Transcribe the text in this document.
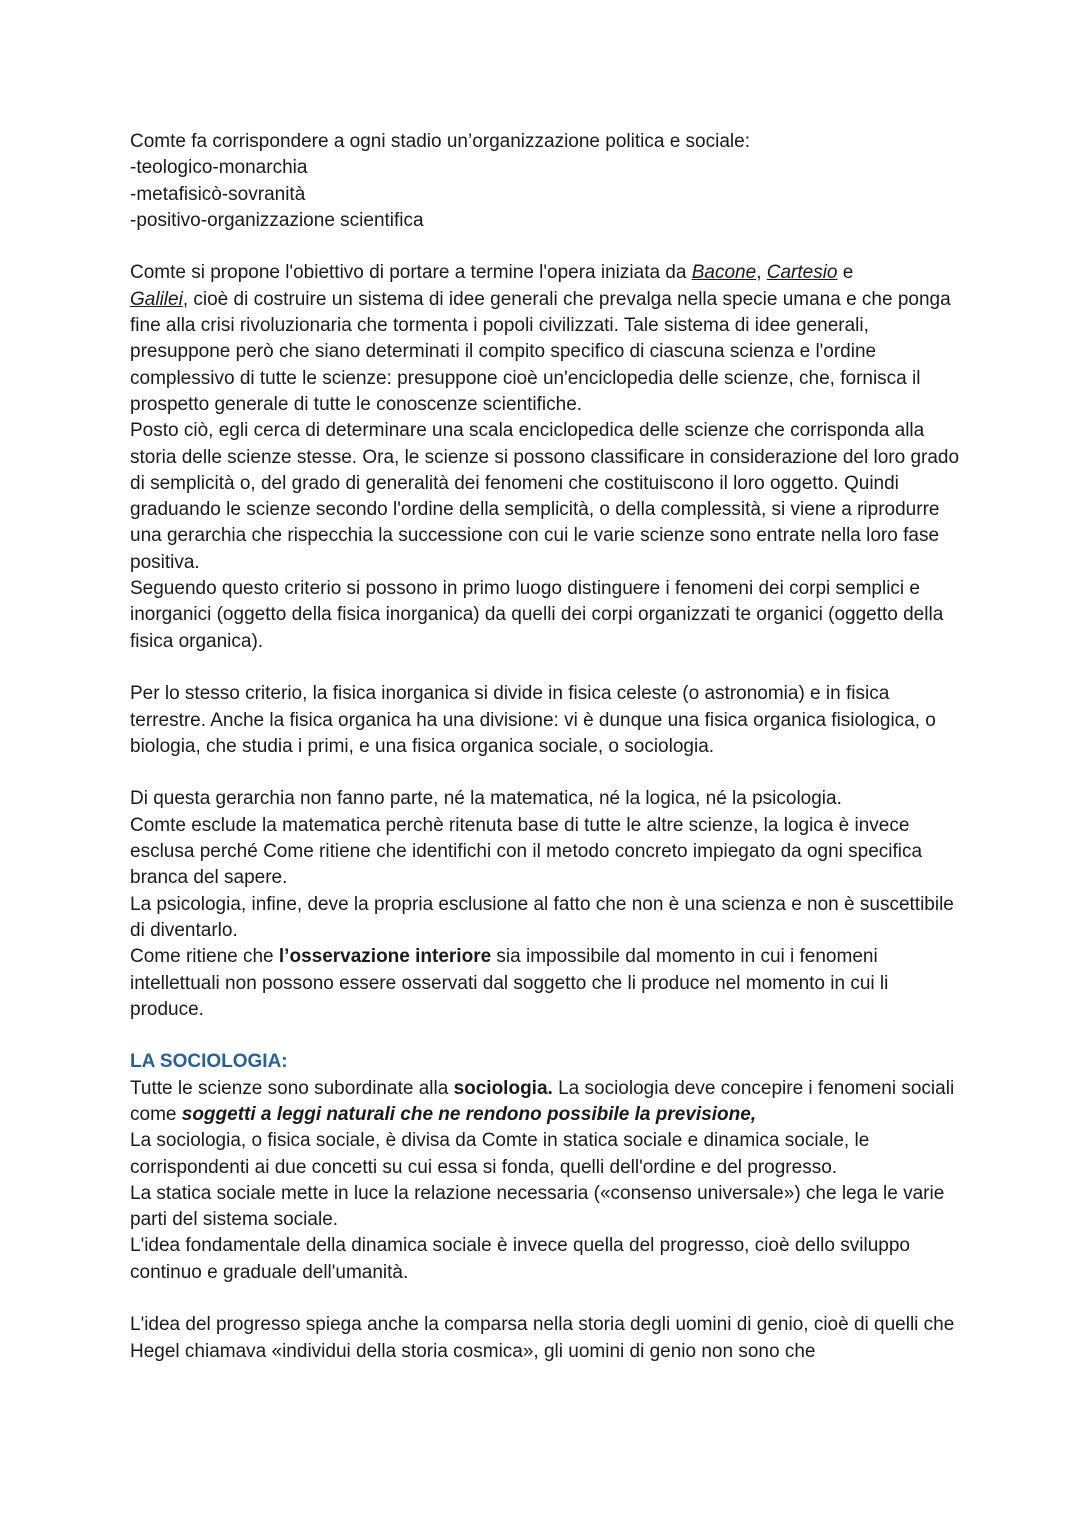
Comte fa corrispondere a ogni stadio un’organizzazione politica e sociale:

-teologico-monarchia

-metafisicò-sovranità

-positivo-organizzazione scientifica

Comte si propone l'obiettivo di portare a termine l'opera iniziata da Bacone, Cartesio e
Galilei, cioè di costruire un sistema di idee generali che prevalga nella specie umana e che ponga fine alla crisi rivoluzionaria che tormenta i popoli civilizzati. Tale sistema di idee generali, presuppone però che siano determinati il compito specifico di ciascuna scienza e l'ordine complessivo di tutte le scienze: presuppone cioè un'enciclopedia delle scienze, che, fornisca il prospetto generale di tutte le conoscenze scientifiche.

Posto ciò, egli cerca di determinare una scala enciclopedica delle scienze che corrisponda alla storia delle scienze stesse. Ora, le scienze si possono classificare in considerazione del loro grado di semplicità o, del grado di generalità dei fenomeni che costituiscono il loro oggetto. Quindi graduando le scienze secondo l'ordine della semplicità, o della complessità, si viene a riprodurre una gerarchia che rispecchia la successione con cui le varie scienze sono entrate nella loro fase positiva.

Seguendo questo criterio si possono in primo luogo distinguere i fenomeni dei corpi semplici e inorganici (oggetto della fisica inorganica) da quelli dei corpi organizzati te organici (oggetto della fisica organica).

Per lo stesso criterio, la fisica inorganica si divide in fisica celeste (o astronomia) e in fisica terrestre. Anche la fisica organica ha una divisione: vi è dunque una fisica organica fisiologica, o biologia, che studia i primi, e una fisica organica sociale, o sociologia.

Di questa gerarchia non fanno parte, né la matematica, né la logica, né la psicologia.

Comte esclude la matematica perchè ritenuta base di tutte le altre scienze, la logica è invece esclusa perché Come ritiene che identifichi con il metodo concreto impiegato da ogni specifica branca del sapere.

La psicologia, infine, deve la propria esclusione al fatto che non è una scienza e non è suscettibile di diventarlo.

Come ritiene che l’osservazione interiore sia impossibile dal momento in cui i fenomeni intellettuali non possono essere osservati dal soggetto che li produce nel momento in cui li produce.

LA SOCIOLOGIA:

Tutte le scienze sono subordinate alla sociologia. La sociologia deve concepire i fenomeni sociali come soggetti a leggi naturali che ne rendono possibile la previsione,

La sociologia, o fisica sociale, è divisa da Comte in statica sociale e dinamica sociale, le corrispondenti ai due concetti su cui essa si fonda, quelli dell'ordine e del progresso.

La statica sociale mette in luce la relazione necessaria («consenso universale») che lega le varie parti del sistema sociale.

L'idea fondamentale della dinamica sociale è invece quella del progresso, cioè dello sviluppo continuo e graduale dell'umanità.

L'idea del progresso spiega anche la comparsa nella storia degli uomini di genio, cioè di quelli che Hegel chiamava «individui della storia cosmica», gli uomini di genio non sono che
